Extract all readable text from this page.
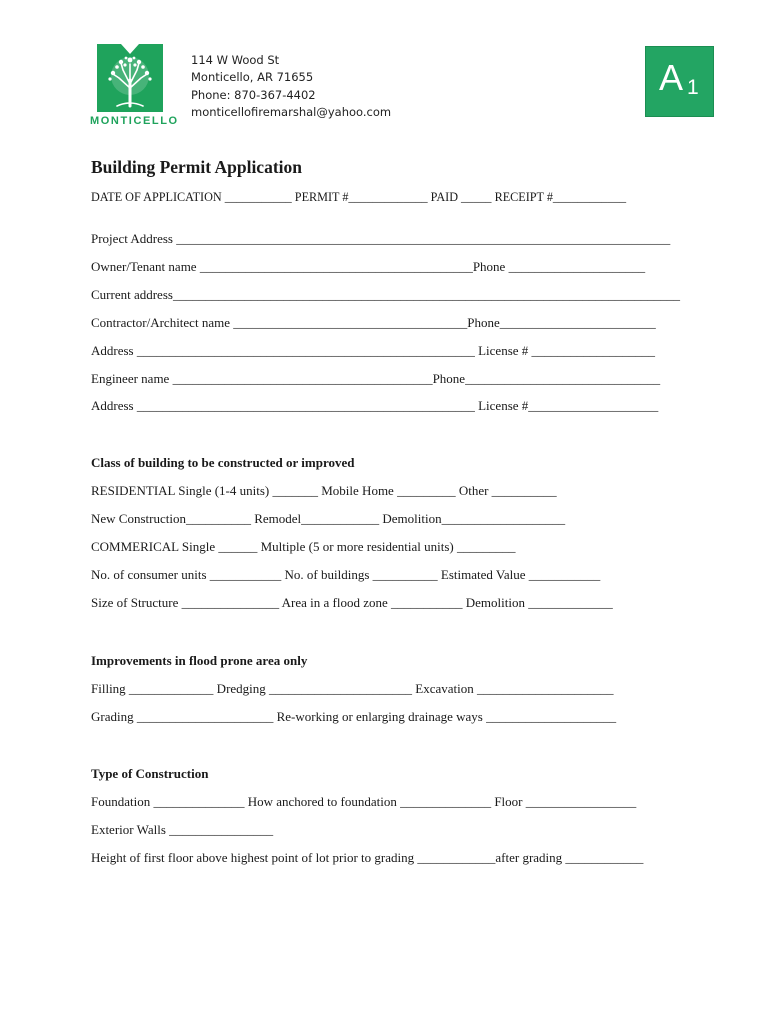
MONTICELLO
114 W Wood St
Monticello, AR 71655
Phone: 870-367-4402
monticellofiremarshal@yahoo.com
A 1
Building Permit Application
DATE OF APPLICATION ___________ PERMIT #_____________ PAID _____ RECEIPT #____________
Project Address ____________________________________________________________________________
Owner/Tenant name __________________________________________Phone _____________________
Current address______________________________________________________________________________
Contractor/Architect name ____________________________________Phone________________________
Address ____________________________________________________ License # ___________________
Engineer name ________________________________________Phone______________________________
Address ____________________________________________________ License #____________________
Class of building to be constructed or improved
RESIDENTIAL Single (1-4 units) _______ Mobile Home _________ Other __________
New Construction__________ Remodel____________ Demolition___________________
COMMERICAL Single ______ Multiple (5 or more residential units) _________
No. of consumer units ___________ No. of buildings __________ Estimated Value ___________
Size of Structure _______________ Area in a flood zone ___________ Demolition _____________
Improvements in flood prone area only
Filling _____________ Dredging ______________________ Excavation _____________________
Grading _____________________ Re-working or enlarging drainage ways ____________________
Type of Construction
Foundation ______________ How anchored to foundation ______________ Floor _________________
Exterior Walls ________________
Height of first floor above highest point of lot prior to grading ____________after grading ____________
